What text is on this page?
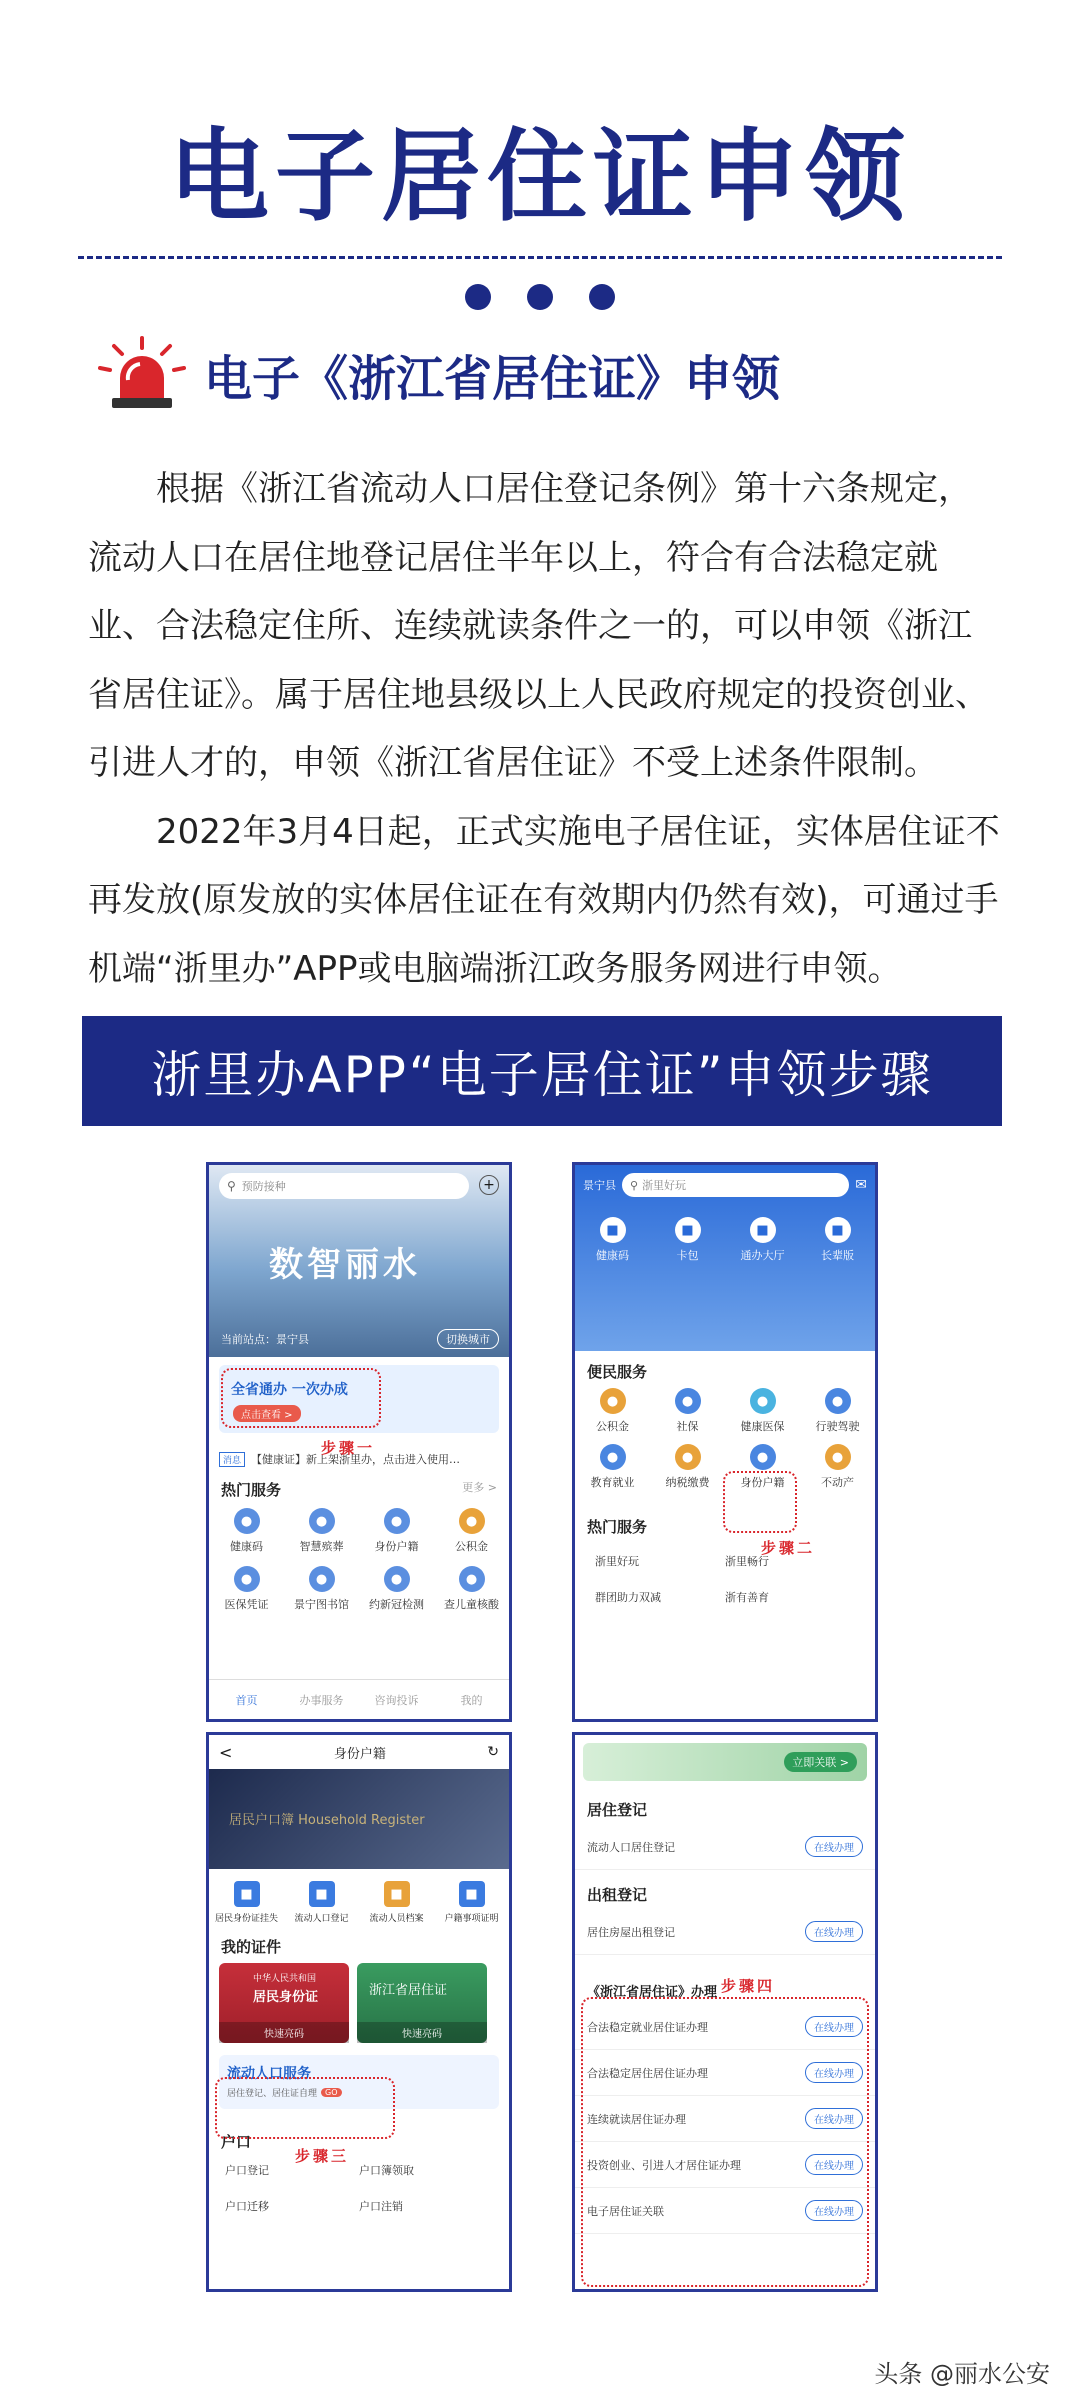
电子居住证申领
电子《浙江省居住证》申领

根据《浙江省流动人口居住登记条例》第十六条规定，流动人口在居住地登记居住半年以上，符合有合法稳定就业、合法稳定住所、连续就读条件之一的，可以申领《浙江省居住证》。属于居住地县级以上人民政府规定的投资创业、引进人才的，申领《浙江省居住证》不受上述条件限制。

2022年3月4日起，正式实施电子居住证，实体居住证不再发放(原发放的实体居住证在有效期内仍然有效)，可通过手机端“浙里办”APP或电脑端浙江政务服务网进行申领。

浙里办APP“电子居住证”申领步骤
⚲ 预防接种	+
数智丽水
当前站点：景宁县	切换城市
全省通办 一次办成
点击查看 >
步骤一
消息 【健康证】新上架浙里办，点击进入使用…
热门服务	更多 >
●
健康码
●
智慧殡葬
●
身份户籍
●
公积金
●
医保凭证
●
景宁图书馆
●
约新冠检测
●
查儿童核酸
首页	办事服务	咨询投诉	我的
景宁县 ⚲ 浙里好玩	✉
■
健康码
■
卡包
■
通办大厅
■
长辈版
便民服务
●
公积金
●
社保
●
健康医保
●
行驶驾驶
●
教育就业
●
纳税缴费
●
身份户籍
●
不动产
步骤二
热门服务
浙里好玩	浙里畅行
群团助力双减	浙有善育
<	身份户籍	↻
居民户口簿 Household Register
■
居民身份证挂失
■
流动人口登记
■
流动人员档案
■
户籍事项证明
我的证件
中华人民共和国
居民身份证
快速亮码
浙江省居住证
快速亮码
流动人口服务
居住登记、居住证自理	GO
步骤三
户口
户口登记	户口簿领取
户口迁移	户口注销
立即关联 >
居住登记
流动人口居住登记	在线办理
出租登记
居住房屋出租登记	在线办理
步骤四
《浙江省居住证》办理
合法稳定就业居住证办理	在线办理
合法稳定居住居住证办理	在线办理
连续就读居住证办理	在线办理
投资创业、引进人才居住证办理	在线办理
电子居住证关联	在线办理
头条 @丽水公安
